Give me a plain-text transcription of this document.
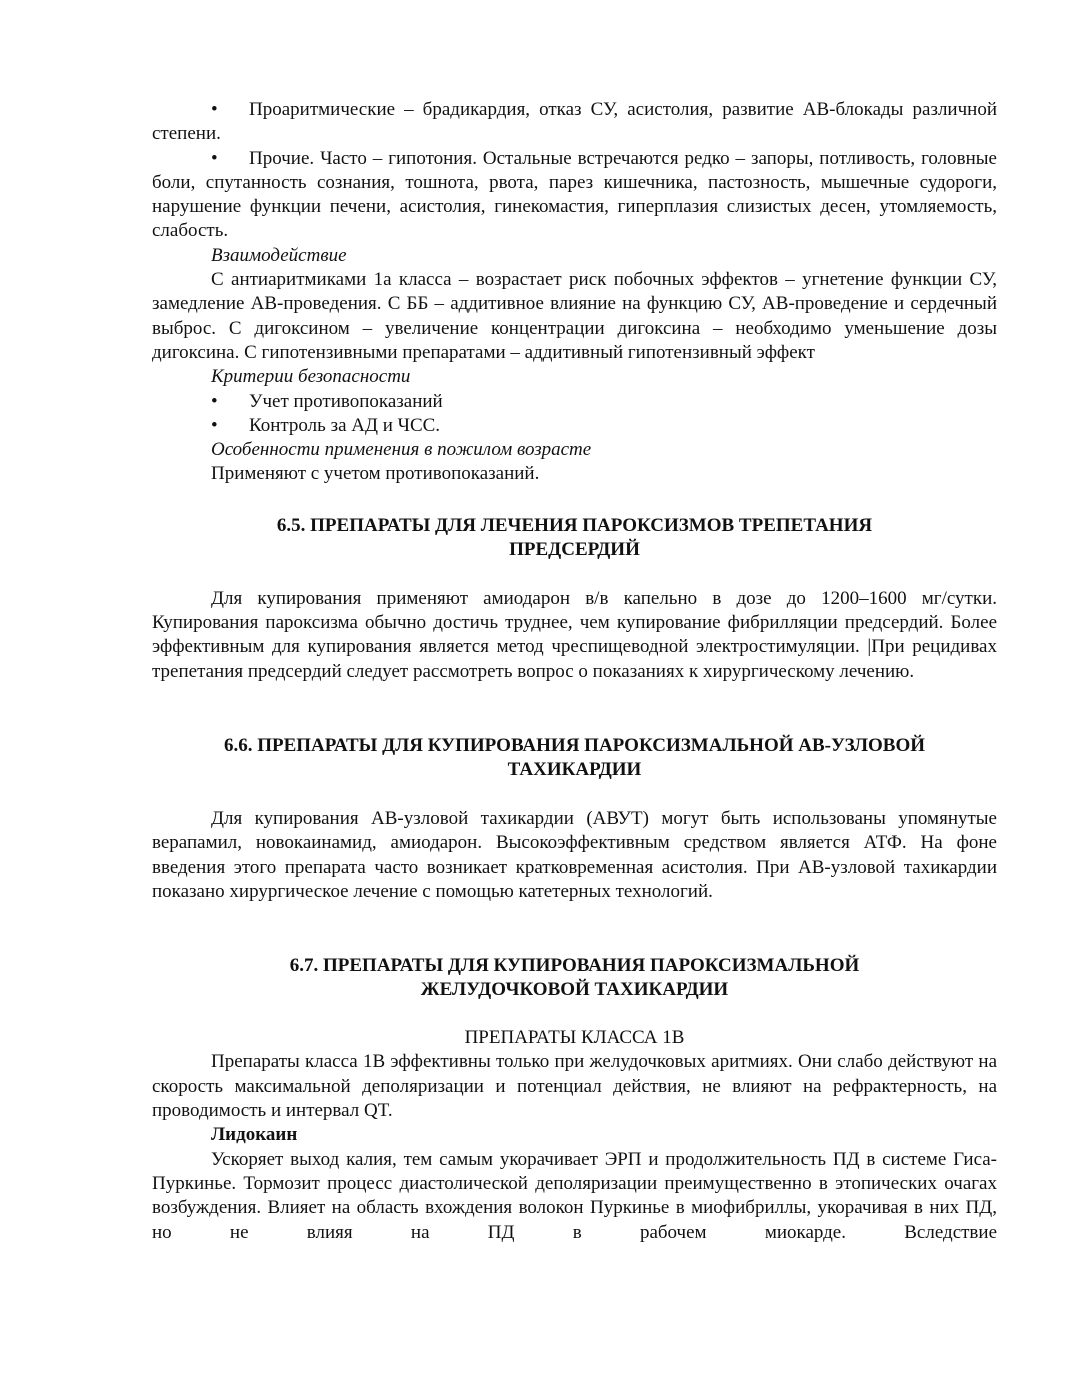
• Проаритмические – брадикардия, отказ СУ, асистолия, развитие АВ-блокады различной степени.

• Прочие. Часто – гипотония. Остальные встречаются редко – запоры, потливость, головные боли, спутанность сознания, тошнота, рвота, парез кишечника, пастозность, мышечные судороги, нарушение функции печени, асистолия, гинекомастия, гиперплазия слизистых десен, утомляемость, слабость.

Взаимодействие

С антиаритмиками 1а класса – возрастает риск побочных эффектов – угнетение функции СУ, замедление АВ-проведения. С ББ – аддитивное влияние на функцию СУ, АВ-проведение и сердечный выброс. С дигоксином – увеличение концентрации дигоксина – необходимо уменьшение дозы дигоксина. С гипотензивными препаратами – аддитивный гипотензивный эффект

Критерии безопасности

• Учет противопоказаний

• Контроль за АД и ЧСС.

Особенности применения в пожилом возрасте

Применяют с учетом противопоказаний.

6.5. ПРЕПАРАТЫ ДЛЯ ЛЕЧЕНИЯ ПАРОКСИЗМОВ ТРЕПЕТАНИЯ
ПРЕДСЕРДИЙ

Для купирования применяют амиодарон в/в капельно в дозе до 1200–1600 мг/сутки. Купирования пароксизма обычно достичь труднее, чем купирование фибрилляции предсердий. Более эффективным для купирования является метод чреспищеводной электростимуляции. |При рецидивах трепетания предсердий следует рассмотреть вопрос о показаниях к хирургическому лечению.

6.6. ПРЕПАРАТЫ ДЛЯ КУПИРОВАНИЯ ПАРОКСИЗМАЛЬНОЙ АВ-УЗЛОВОЙ
ТАХИКАРДИИ

Для купирования АВ-узловой тахикардии (АВУТ) могут быть использованы упомянутые верапамил, новокаинамид, амиодарон. Высокоэффективным средством является АТФ. На фоне введения этого препарата часто возникает кратковременная асистолия. При АВ-узловой тахикардии показано хирургическое лечение с помощью катетерных технологий.

6.7. ПРЕПАРАТЫ ДЛЯ КУПИРОВАНИЯ ПАРОКСИЗМАЛЬНОЙ
ЖЕЛУДОЧКОВОЙ ТАХИКАРДИИ

ПРЕПАРАТЫ КЛАССА 1В

Препараты класса 1В эффективны только при желудочковых аритмиях. Они слабо действуют на скорость максимальной деполяризации и потенциал действия, не влияют на рефрактерность, на проводимость и интервал QT.

Лидокаин

Ускоряет выход калия, тем самым укорачивает ЭРП и продолжительность ПД в системе Гиса-Пуркинье. Тормозит процесс диастолической деполяризации преимущественно в этопических очагах возбуждения. Влияет на область вхождения волокон Пуркинье в миофибриллы, укорачивая в них ПД, но не влияя на ПД в рабочем миокарде. Вследствие
